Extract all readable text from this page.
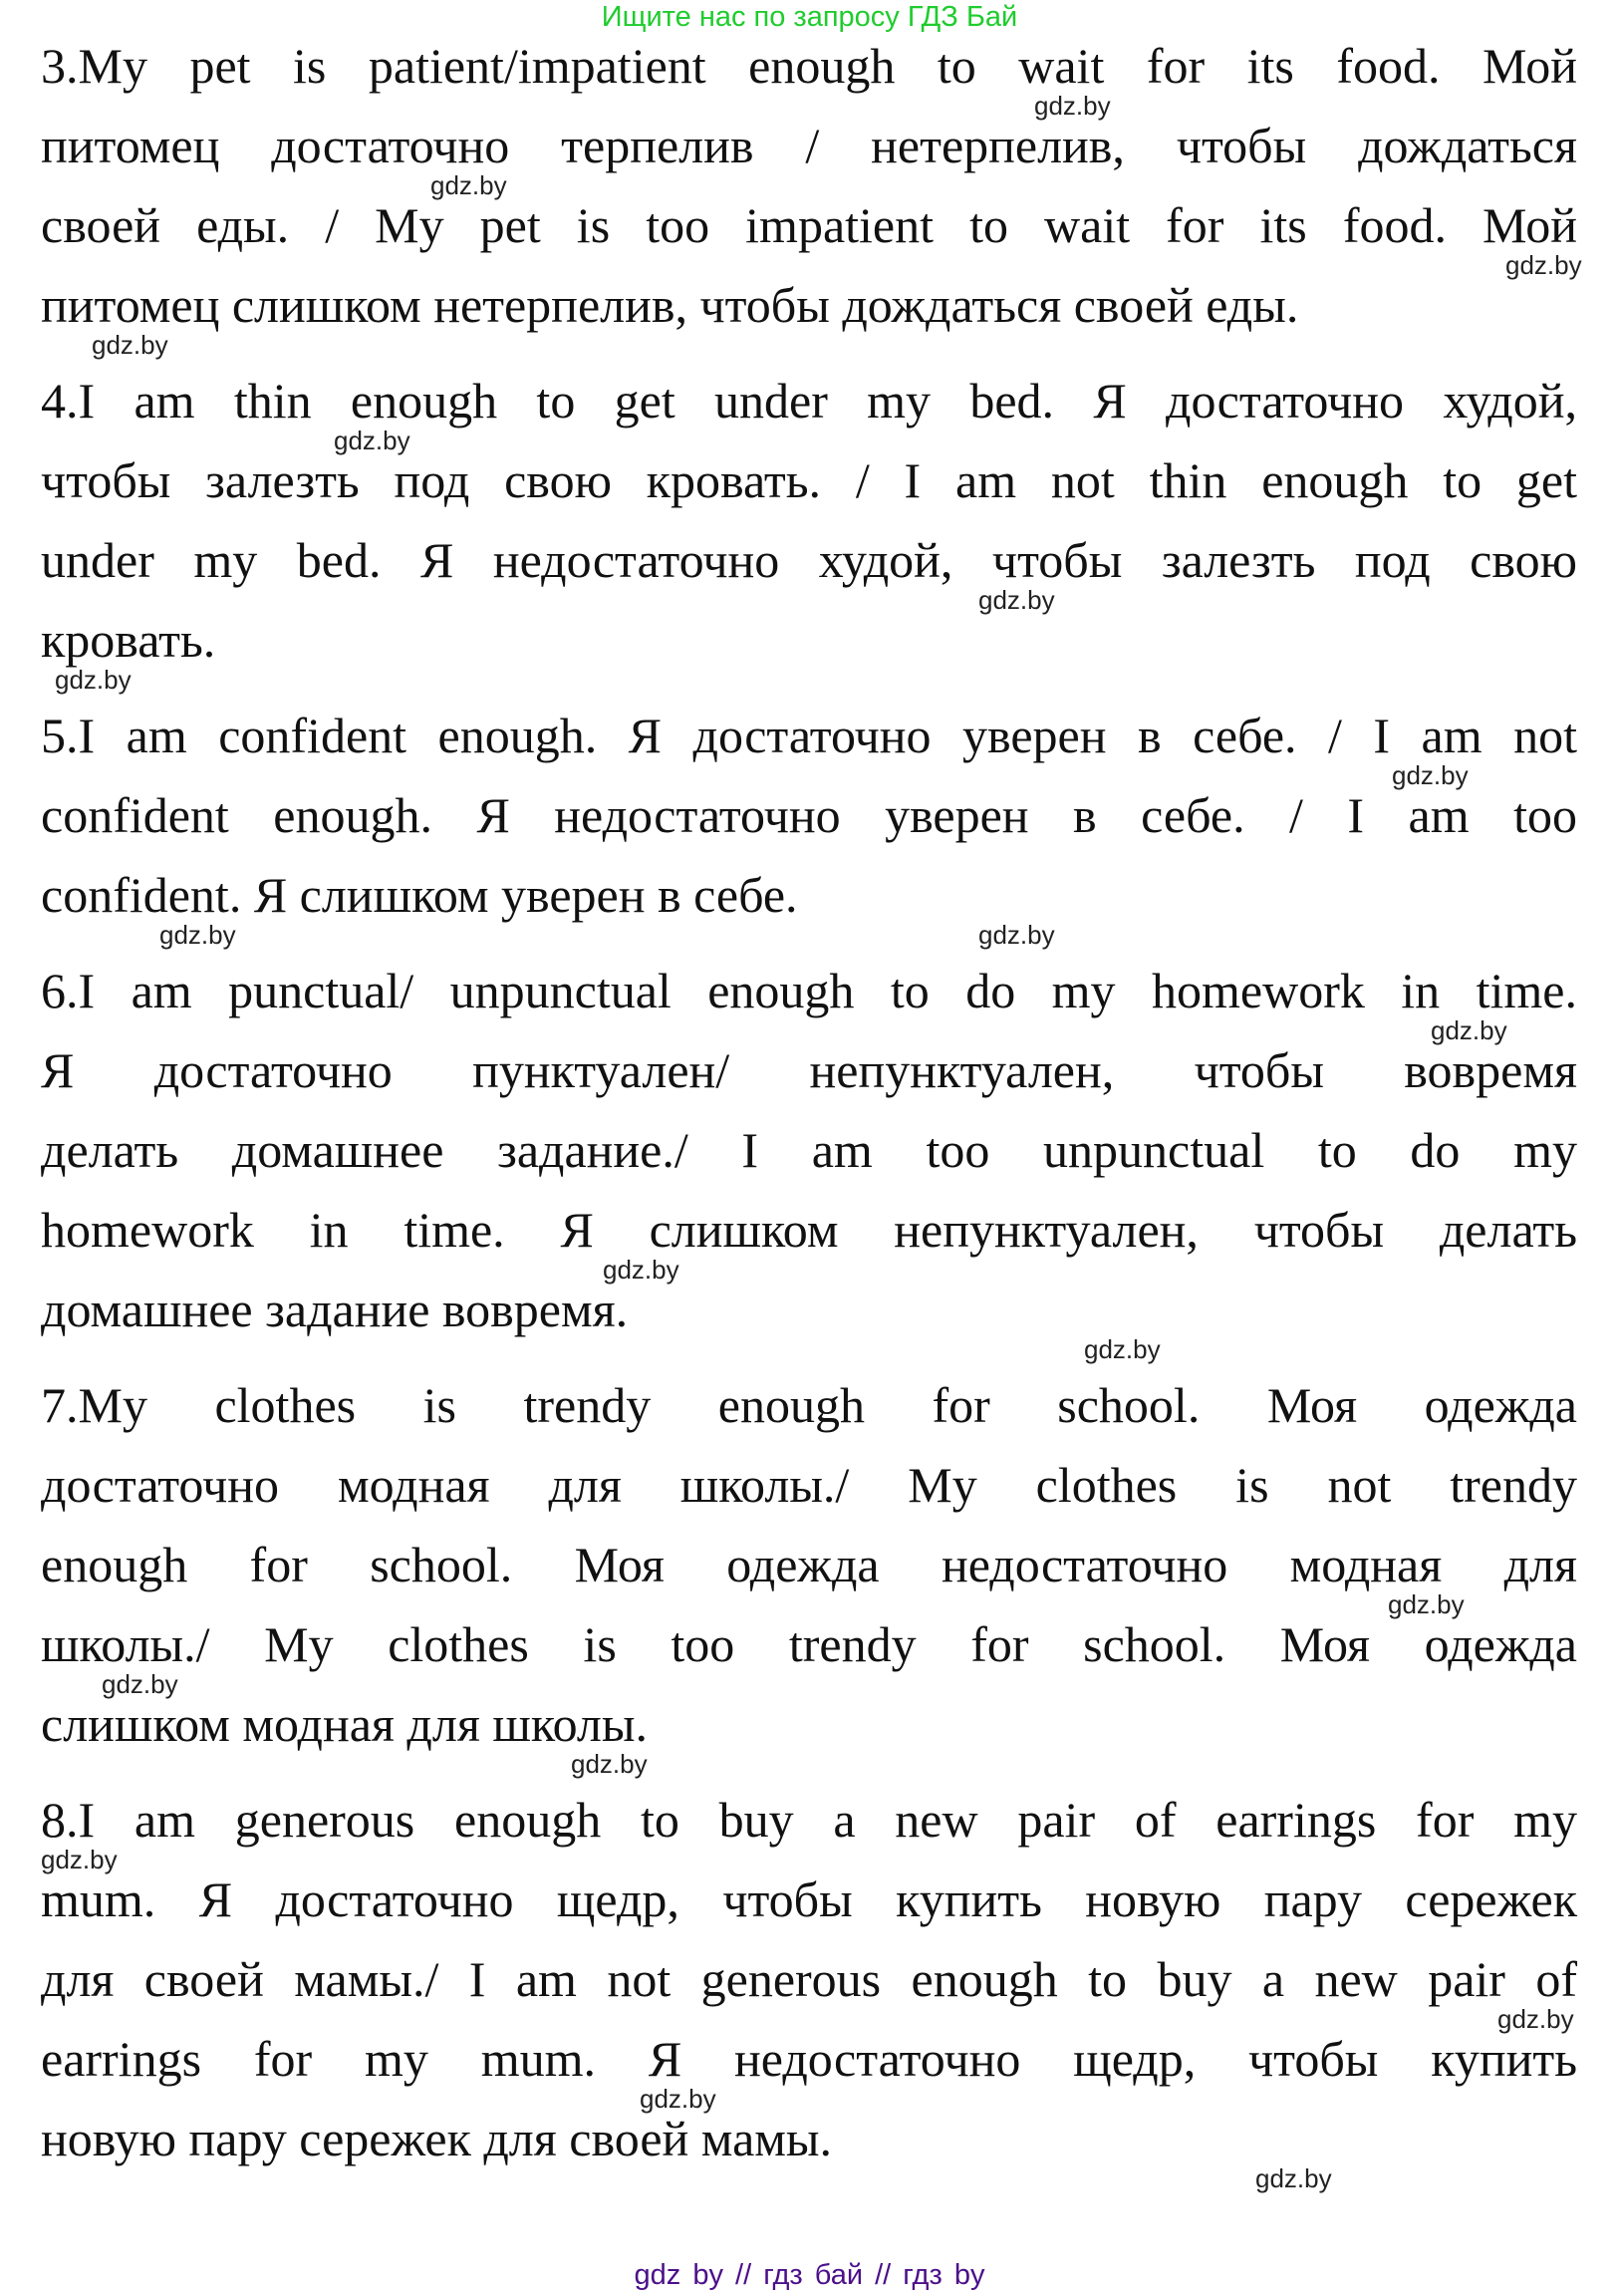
Ищите нас по запросу ГДЗ Бай
3.My pet is patient/impatient enough to wait for its food. Мой
gdz.by
питомец достаточно терпелив / нетерпелив, чтобы дождаться
gdz.by
своей еды. / My pet is too impatient to wait for its food. Мой
gdz.by
питомец слишком нетерпелив, чтобы дождаться своей еды.
gdz.by
4.I am thin enough to get under my bed. Я достаточно худой,
gdz.by
чтобы залезть под свою кровать. / I am not thin enough to get
under my bed. Я недостаточно худой, чтобы залезть под свою
gdz.by
кровать.
gdz.by
5.I am confident enough. Я достаточно уверен в себе. / I am not
gdz.by
confident enough. Я недостаточно уверен в себе. / I am too
confident. Я слишком уверен в себе.
gdz.by
gdz.by
6.I am punctual/ unpunctual enough to do my homework in time.
gdz.by
Я достаточно пунктуален/ непунктуален, чтобы вовремя
делать домашнее задание./ I am too unpunctual to do my
homework in time. Я слишком непунктуален, чтобы делать
gdz.by
домашнее задание вовремя.
gdz.by
7.My clothes is trendy enough for school. Моя одежда
достаточно модная для школы./ My clothes is not trendy
enough for school. Моя одежда недостаточно модная для
gdz.by
школы./ My clothes is too trendy for school. Моя одежда
gdz.by
слишком модная для школы.
gdz.by
8.I am generous enough to buy a new pair of earrings for my
gdz.by
mum. Я достаточно щедр, чтобы купить новую пару сережек
для своей мамы./ I am not generous enough to buy a new pair of
gdz.by
earrings for my mum. Я недостаточно щедр, чтобы купить
gdz.by
новую пару сережек для своей мамы.
gdz.by
gdz by // гдз бай // гдз by
